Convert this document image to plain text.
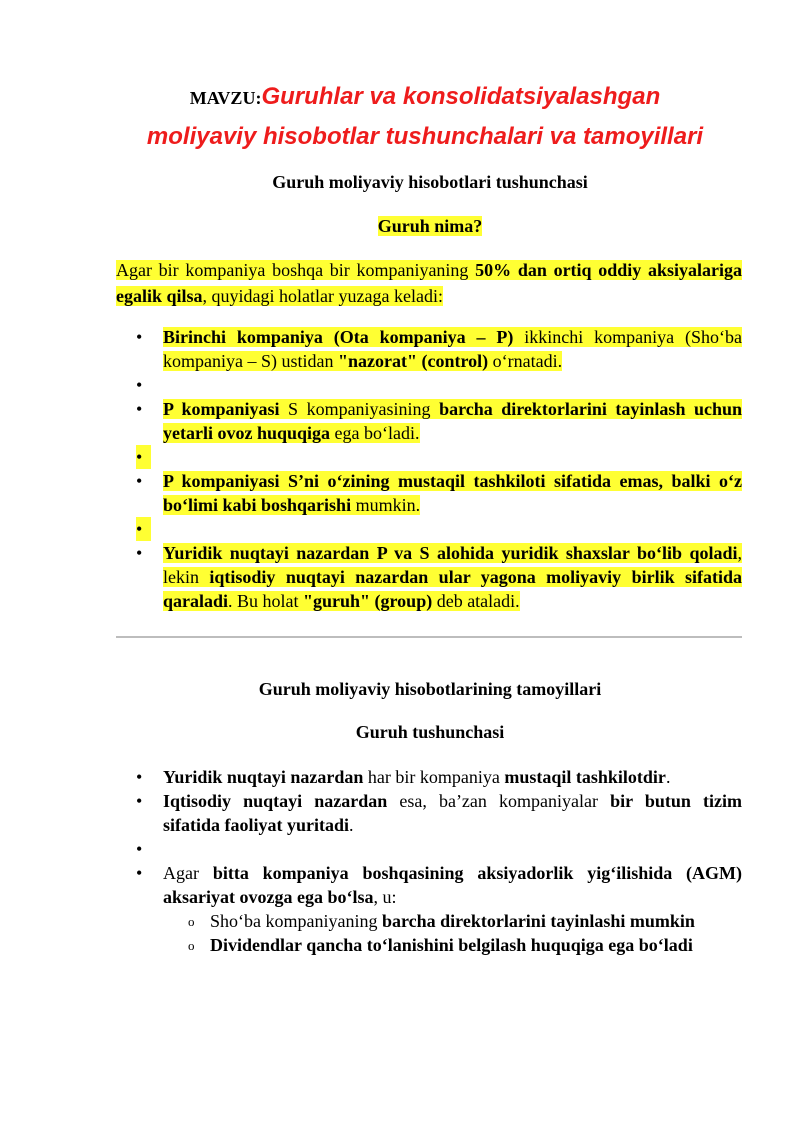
MAVZU:Guruhlar va konsolidatsiyalashgan
moliyaviy hisobotlar tushunchalari va tamoyillari
Guruh moliyaviy hisobotlari tushunchasi
Guruh nima?

Agar bir kompaniya boshqa bir kompaniyaning 50% dan ortiq oddiy aksiyalariga egalik qilsa, quyidagi holatlar yuzaga keladi:

• Birinchi kompaniya (Ota kompaniya – P) ikkinchi kompaniya (Sho‘ba kompaniya – S) ustidan "nazorat" (control) o‘rnatadi.
•
• P kompaniyasi S kompaniyasining barcha direktorlarini tayinlash uchun yetarli ovoz huquqiga ega bo‘ladi.
•
• P kompaniyasi S’ni o‘zining mustaqil tashkiloti sifatida emas, balki o‘z bo‘limi kabi boshqarishi mumkin.
•
• Yuridik nuqtayi nazardan P va S alohida yuridik shaxslar bo‘lib qoladi, lekin iqtisodiy nuqtayi nazardan ular yagona moliyaviy birlik sifatida qaraladi. Bu holat "guruh" (group) deb ataladi.
Guruh moliyaviy hisobotlarining tamoyillari
Guruh tushunchasi
• Yuridik nuqtayi nazardan har bir kompaniya mustaqil tashkilotdir.
• Iqtisodiy nuqtayi nazardan esa, ba’zan kompaniyalar bir butun tizim sifatida faoliyat yuritadi.
•
• Agar bitta kompaniya boshqasining aksiyadorlik yig‘ilishida (AGM) aksariyat ovozga ega bo‘lsa, u:
o Sho‘ba kompaniyaning barcha direktorlarini tayinlashi mumkin
o Dividendlar qancha to‘lanishini belgilash huquqiga ega bo‘ladi
